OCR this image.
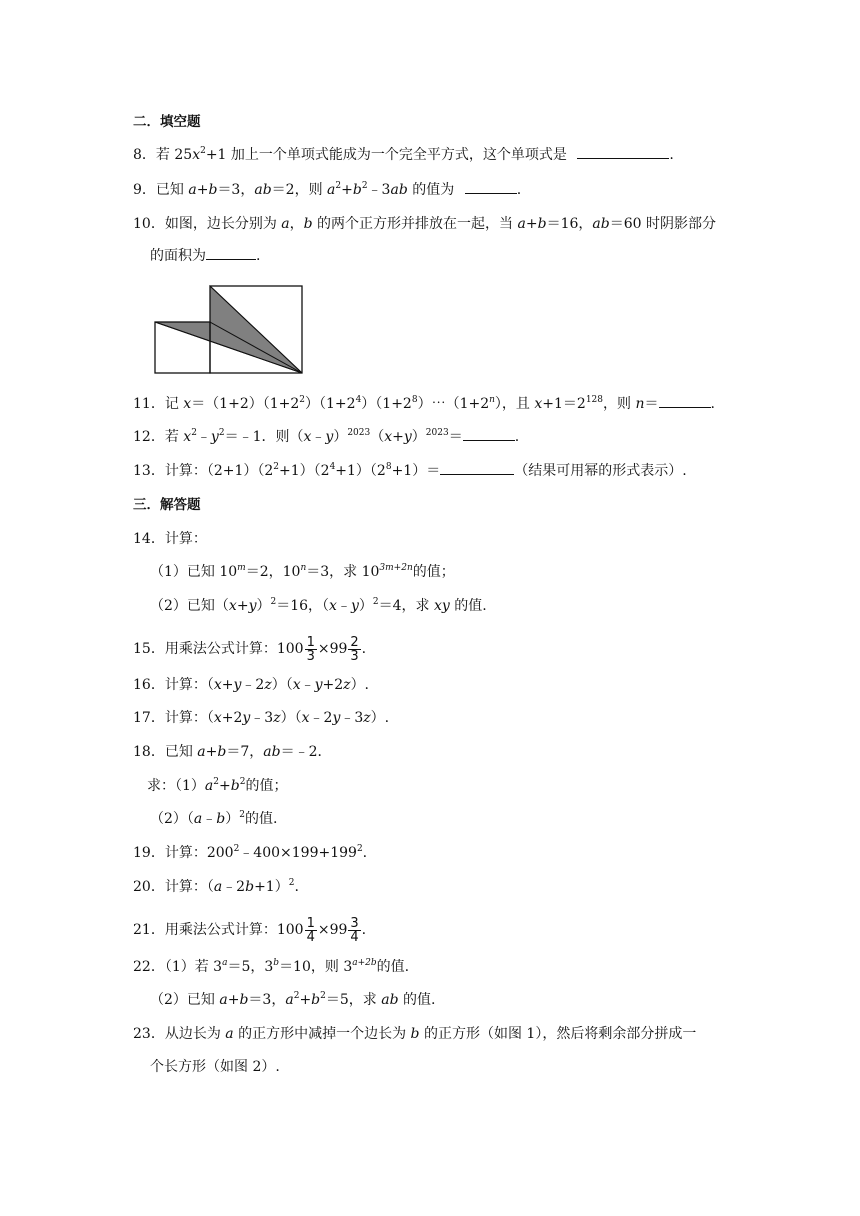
二．填空题
8．若 $25x^2+1$ 加上一个单项式能成为一个完全平方式，这个单项式是	.
9．已知 a+b＝3，ab＝2，则 $a^2+b^2﹣3ab$ 的值为	.
10．如图，边长分别为 a，b 的两个正方形并排放在一起，当 a+b＝16，ab＝60 时阴影部分
的面积为	.
11．记 $x=(1+2)(1+2^2)(1+2^4)(1+2^8)\cdots(1+2^n)$，且 $x+1=2^{128}$，则 n＝	.
12．若 $x^2﹣y^2=﹣1$．则$(x﹣y)^{2023}(x+y)^{2023}=$	.
13．计算：$(2+1)(2^2+1)(2^4+1)(2^8+1)=$	（结果可用幂的形式表示）.
三．解答题
14．计算：
（1）已知 $10^m=2$，$10^n=3$，求 $10^{3m+2n}$的值；
（2）已知$(x+y)^2=16$，（x﹣y）$^2$＝4，求 xy 的值.
15．用乘法公式计算：$100 \frac{1}{3} \times 99 \frac{2}{3}$ .
16．计算：（x+y﹣2z）（x﹣y+2z）.
17．计算：（x+2y﹣3z）（x﹣2y﹣3z）.
18．已知 a+b＝7，ab＝﹣2．
求：$(1)a^2+b^2$的值；
（2）（a﹣b）$^2$的值.
19．计算：$200^2﹣400\times 199+199^2$.
20．计算：（a﹣2b+1）$^2$.
21．用乘法公式计算：$100 \frac{1}{4} \times 99 \frac{3}{4}$ .
22．（1）若 $3^a=5$，$3^b=10$，则 $3^{a+2b}$的值.
（2）已知 a+b＝3，$a^2+b^2=5$，求 ab 的值.
23．从边长为 a 的正方形中减掉一个边长为 b 的正方形（如图 1），然后将剩余部分拼成一
个长方形（如图 2）.
